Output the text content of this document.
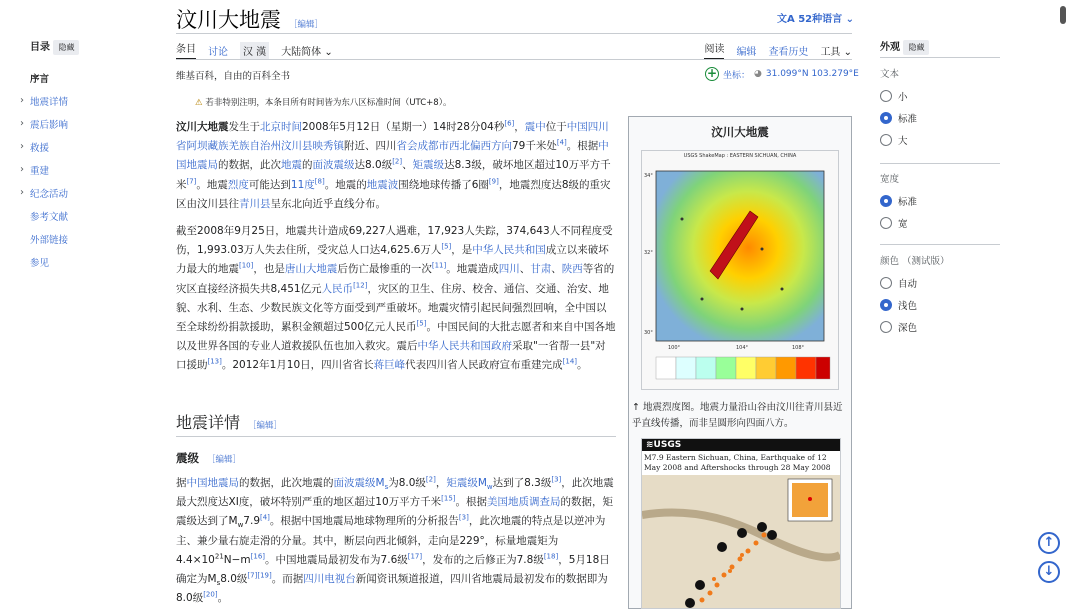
目录 隐藏
序言
› 地震详情
› 震后影响
› 救援
› 重建
› 纪念活动
参考文献
外部链接
参见
汶川大地震 ［编辑］	文A 52种语言 ⌄
条目 讨论	汉 漢	大陆简体 ⌄	阅读 编辑 查看历史 工具 ⌄
维基百科，自由的百科全书	+ 坐标： ◕ 31.099°N 103.279°E
⚠ 若非特别注明，本条目所有时间皆为东八区标准时间（UTC+8）。
汶川大地震发生于北京时间2008年5月12日（星期一）14时28分04秒[6]，震中位于中国四川省阿坝藏族羌族自治州汶川县映秀镇附近、四川省会成都市西北偏西方向79千米处[4]。根据中国地震局的数据，此次地震的面波震级达8.0级[2]、矩震级达8.3级，破坏地区超过10万平方千米[7]。地震烈度可能达到11度[8]。地震的地震波围绕地球传播了6圈[9]，地震烈度达8级的重灾区由汶川县往青川县呈东北向近乎直线分布。
截至2008年9月25日，地震共计造成69,227人遇难，17,923人失踪，374,643人不同程度受伤，1,993.03万人失去住所，受灾总人口达4,625.6万人[5]，是中华人民共和国成立以来破坏力最大的地震[10]，也是唐山大地震后伤亡最惨重的一次[11]。地震造成四川、甘肃、陕西等省的灾区直接经济损失共8,451亿元人民币[12]，灾区的卫生、住房、校舍、通信、交通、治安、地貌、水利、生态、少数民族文化等方面受到严重破坏。地震灾情引起民间强烈回响，全中国以至全球纷纷捐款援助，累积金额超过500亿元人民币[5]。中国民间的大批志愿者和来自中国各地以及世界各国的专业人道救援队伍也加入救灾。震后中华人民共和国政府采取"一省帮一县"对口援助[13]。2012年1月10日，四川省省长蒋巨峰代表四川省人民政府宣布重建完成[14]。
地震详情 ［编辑］
震级 ［编辑］
据中国地震局的数据，此次地震的面波震级$M_s$为8.0级[2]，矩震级$M_w$达到了8.3级[3]，此次地震最大烈度达XI度，破坏特别严重的地区超过10万平方千米[15]。根据美国地质调查局的数据，矩震级达到了$M_w7.9[4]$。根据中国地震局地球物理所的分析报告[3]，此次地震的特点是以逆冲为主、兼少量右旋走滑的分量。其中，断层向西北倾斜，走向是229°，标量地震矩为$4.4\times 10^{21}N-m[16]$。中国地震局最初发布为7.6级[17]，发布的之后修正为7.8级[18]，5月18日确定为$M_s8.0$级[7][19]。而据四川电视台新闻资讯频道报道，四川省地震局最初发布的数据即为8.0级[20]。
汶川大地震
USGS ShakeMap : EASTERN SICHUAN, CHINA
34°
32°
30°
100°	104°	108°
↑ 地震烈度图。地震力量沿山谷由汶川往青川县近乎直线传播，而非呈圆形向四面八方。
≋USGS
M7.9 Eastern Sichuan, China, Earthquake of 12 May 2008 and Aftershocks through 28 May 2008
外观 隐藏
文本
小
标准
大
宽度
标准
宽
颜色 （测试版）
自动
浅色
深色
↑
↓
